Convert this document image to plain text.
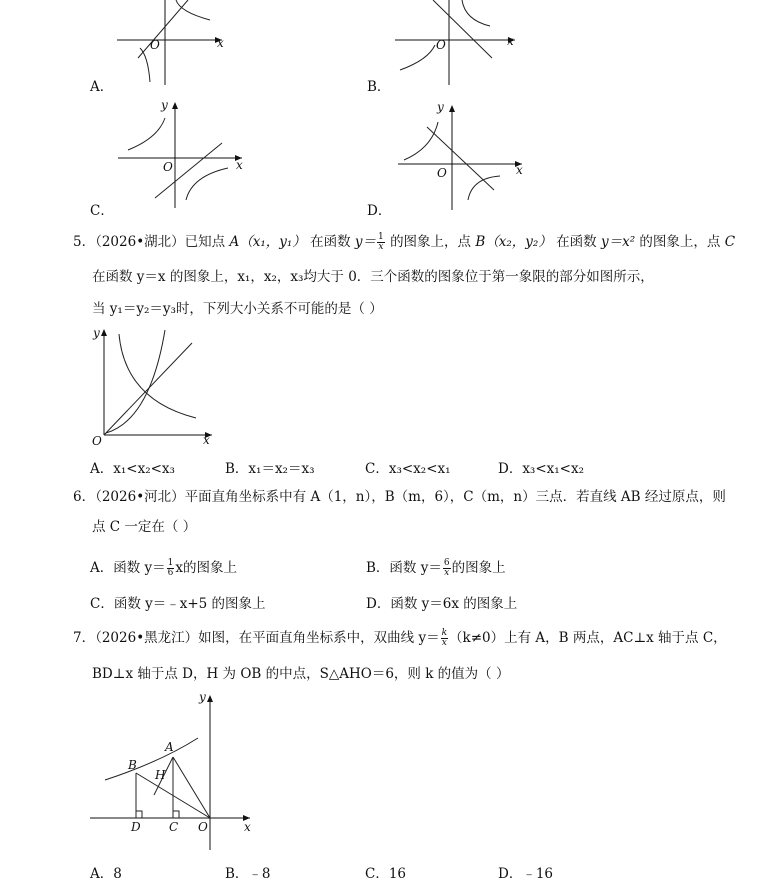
O	x
A．
O	x
B．
y
O	x
C．
y
O	x
D．
5．（2026•湖北）已知点 A（x₁，y₁） 在函数 $y= \frac{1}{x}$ 的图象上，点 B（x₂，y₂） 在函数 y＝x² 的图象上，点 C
在函数 y＝x 的图象上，x₁，x₂，x₃均大于 0．三个函数的图象位于第一象限的部分如图所示，
当 y₁＝y₂＝y₃时，下列大小关系不可能的是（ ）
y
O	x
A．x₁<x₂<x₃	B．x₁＝x₂＝x₃	C．x₃<x₂<x₁	D．x₃<x₁<x₂
6．（2026•河北）平面直角坐标系中有 A（1，n），B（m，6），C（m，n）三点．若直线 AB 经过原点，则
点 C 一定在（ ）
A．函数 $y= \frac{1}{6}$ x的图象上	B．函数 $y= \frac{6}{x}$ 的图象上
C．函数 y＝﹣x+5 的图象上	D．函数 y＝6x 的图象上
7．（2026•黑龙江）如图，在平面直角坐标系中，双曲线 $y= \frac{k}{x} (k\ne 0)$上有 A，B 两点，AC⊥x 轴于点 C，
BD⊥x 轴于点 D，H 为 OB 的中点，S△AHO＝6，则 k 的值为（ ）
y
A
B
H
D C O	x
A．8	B．﹣8	C．16	D．﹣16
